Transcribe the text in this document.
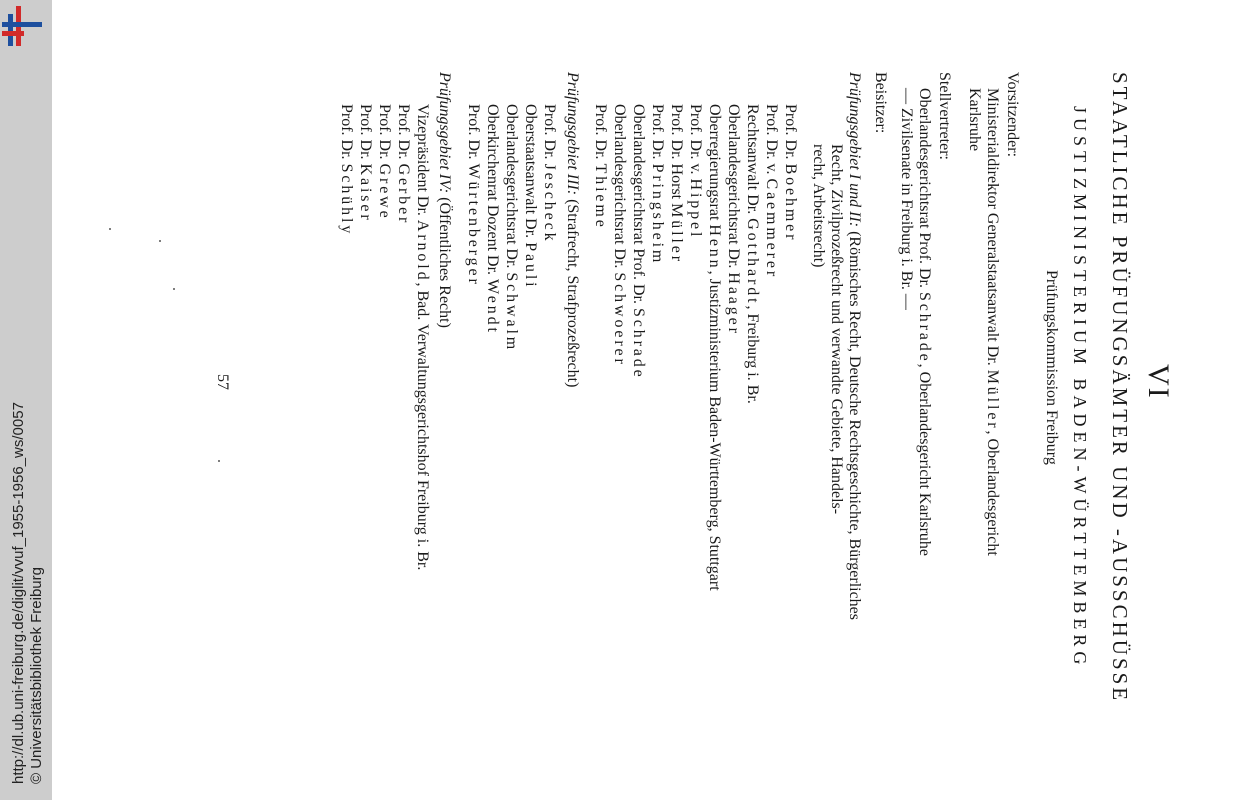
http://dl.ub.uni-freiburg.de/diglit/vvuf_1955-1956_ws/0057 © Universitätsbibliothek Freiburg
VI
STAATLICHE PRÜFUNGSÄMTER UND -AUSSCHÜSSE
JUSTIZMINISTERIUM BADEN-WÜRTTEMBERG
Prüfungskommission Freiburg
Vorsitzender:
Ministerialdirektor Generalstaatsanwalt Dr. Müller, Oberlandesgericht
Karlsruhe
Stellvertreter:
Oberlandesgerichtsrat Prof. Dr. Schrade, Oberlandesgericht Karlsruhe
— Zivilsenate in Freiburg i. Br. —
Beisitzer:
Prüfungsgebiet I und II: (Römisches Recht, Deutsche Rechtsgeschichte, Bürgerliches
Recht, Zivilprozeßrecht und verwandte Gebiete, Handels-
recht, Arbeitsrecht)
Prof. Dr. Boehmer
Prof. Dr. v. Caemmerer
Rechtsanwalt Dr. Gotthardt, Freiburg i. Br.
Oberlandesgerichtsrat Dr. Haager
Oberregierungsrat Henn, Justizministerium Baden-Württemberg, Stuttgart
Prof. Dr. v. Hippel
Prof. Dr. Horst Müller
Prof. Dr. Pringsheim
Oberlandesgerichtsrat Prof. Dr. Schrade
Oberlandesgerichtsrat Dr. Schwoerer
Prof. Dr. Thieme
Prüfungsgebiet III: (Strafrecht, Strafprozeßrecht)
Prof. Dr. Jescheck
Oberstaatsanwalt Dr. Pauli
Oberlandesgerichtsrat Dr. Schwalm
Oberkirchenrat Dozent Dr. Wendt
Prof. Dr. Würtenberger
Prüfungsgebiet IV: (Öffentliches Recht)
Vizepräsident Dr. Arnold, Bad. Verwaltungsgerichtshof Freiburg i. Br.
Prof. Dr. Gerber
Prof. Dr. Grewe
Prof. Dr. Kaiser
Prof. Dr. Schühly
57
